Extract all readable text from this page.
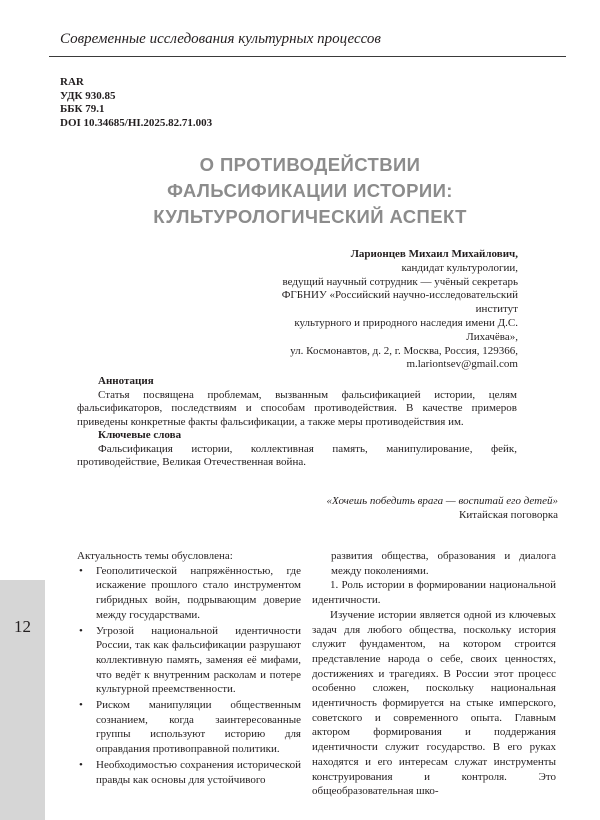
Современные исследования культурных процессов
12
RAR
УДК 930.85
ББК 79.1
DOI 10.34685/HI.2025.82.71.003
О ПРОТИВОДЕЙСТВИИ
ФАЛЬСИФИКАЦИИ ИСТОРИИ:
КУЛЬТУРОЛОГИЧЕСКИЙ АСПЕКТ
Ларионцев Михаил Михайлович,
кандидат культурологии,
ведущий научный сотрудник — учёный секретарь
ФГБНИУ «Российский научно-исследовательский институт
культурного и природного наследия имени Д.С. Лихачёва»,
ул. Космонавтов, д. 2, г. Москва, Россия, 129366,
m.lariontsev@gmail.com
Аннотация
Статья посвящена проблемам, вызванным фальсификацией истории, целям фальсификаторов, последствиям и способам противодействия. В качестве примеров приведены конкретные факты фальсификации, а также меры противодействия им.
Ключевые слова
Фальсификация истории, коллективная память, манипулирование, фейк, противодействие, Великая Отечественная война.
«Хочешь победить врага — воспитай его детей»
Китайская поговорка
Актуальность темы обусловлена:
• Геополитической напряжённостью, где искажение прошлого стало инструментом гибридных войн, подрывающим доверие между государствами.
• Угрозой национальной идентичности России, так как фальсификации разрушают коллективную память, заменяя её мифами, что ведёт к внутренним расколам и потере культурной преемственности.
• Риском манипуляции общественным сознанием, когда заинтересованные группы используют историю для оправдания противоправной политики.
• Необходимостью сохранения исторической правды как основы для устойчивого
развития общества, образования и диалога между поколениями.
1. Роль истории в формировании национальной идентичности.
Изучение истории является одной из ключевых задач для любого общества, поскольку история служит фундаментом, на котором строится представление народа о себе, своих ценностях, достижениях и трагедиях. В России этот процесс особенно сложен, поскольку национальная идентичность формируется на стыке имперского, советского и современного опыта. Главным актором формирования и поддержания идентичности служит государство. В его руках находятся и его интересам служат инструменты конструирования и контроля. Это общеобразовательная шко-
